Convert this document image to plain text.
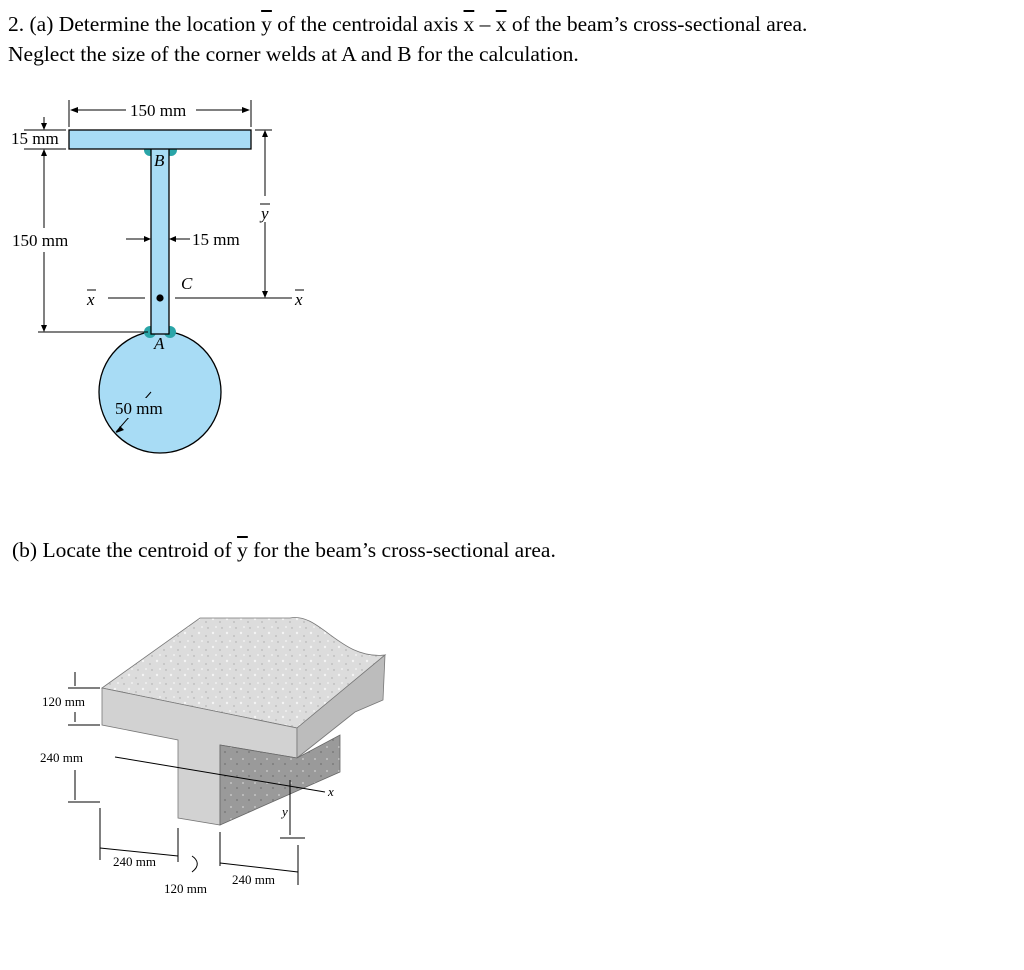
2. (a) Determine the location $\overline{y}$ of the centroidal axis $\overline{x} - \overline{x}$ of the beam’s cross-sectional area.
Neglect the size of the corner welds at A and B for the calculation.
(b) Locate the centroid of $\overline{y}$ for the beam’s cross-sectional area.
150 mm
15 mm
150 mm	15 mm
y
x	x
B
A
C
50 mm
120 mm
240 mm
x
y
240 mm
120 mm
240 mm
